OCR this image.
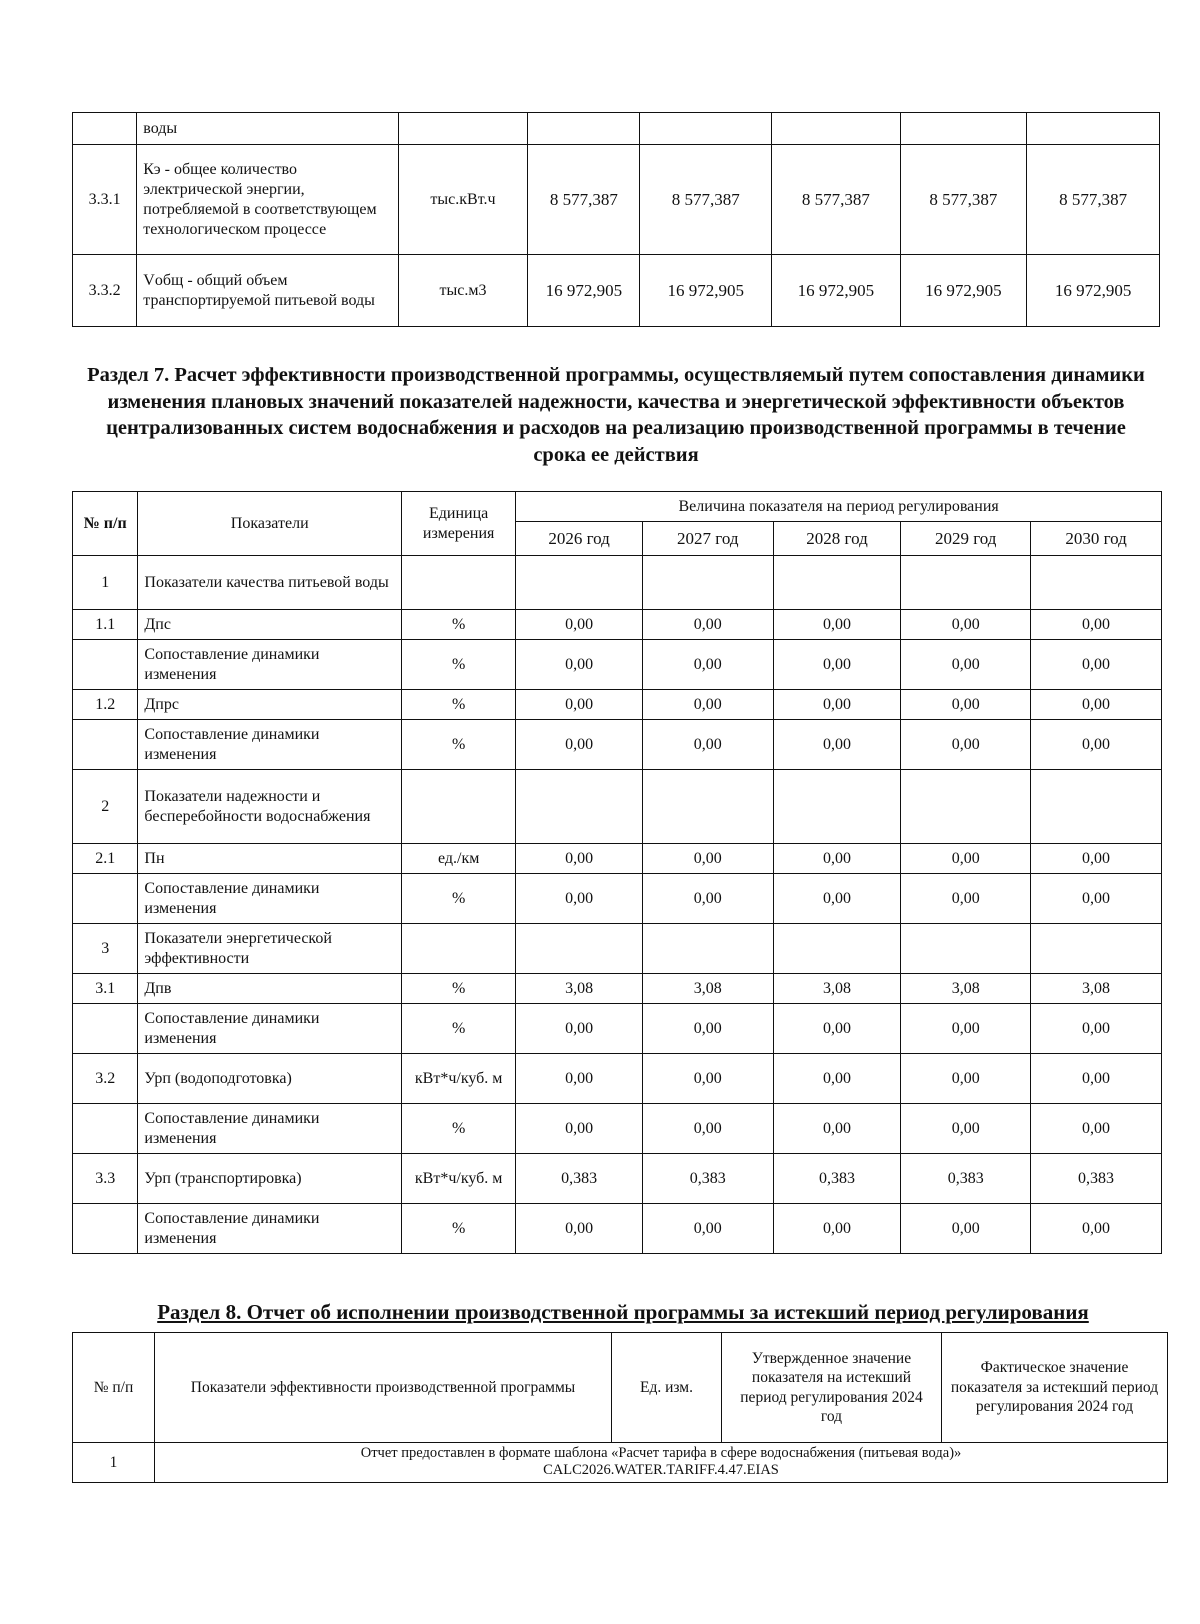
	воды						
3.3.1	Кэ - общее количество электрической энергии, потребляемой в соответствующем технологическом процессе	тыс.кВт.ч	8 577,387	8 577,387	8 577,387	8 577,387	8 577,387
3.3.2	Vобщ - общий объем транспортируемой питьевой воды	тыс.м3	16 972,905	16 972,905	16 972,905	16 972,905	16 972,905
Раздел 7. Расчет эффективности производственной программы, осуществляемый путем сопоставления динамики изменения плановых значений показателей надежности, качества и энергетической эффективности объектов централизованных систем водоснабжения и расходов на реализацию производственной программы в течение срока ее действия
№ п/п	Показатели	Единица измерения	Величина показателя на период регулирования				
			2026 год	2027 год	2028 год	2029 год	2030 год
1	Показатели качества питьевой воды						
1.1	Дпс	%	0,00	0,00	0,00	0,00	0,00
	Сопоставление динамики изменения	%	0,00	0,00	0,00	0,00	0,00
1.2	Дпрс	%	0,00	0,00	0,00	0,00	0,00
	Сопоставление динамики изменения	%	0,00	0,00	0,00	0,00	0,00
2	Показатели надежности и бесперебойности водоснабжения						
2.1	Пн	ед./км	0,00	0,00	0,00	0,00	0,00
	Сопоставление динамики изменения	%	0,00	0,00	0,00	0,00	0,00
3	Показатели энергетической эффективности						
3.1	Дпв	%	3,08	3,08	3,08	3,08	3,08
	Сопоставление динамики изменения	%	0,00	0,00	0,00	0,00	0,00
3.2	Урп (водоподготовка)	кВт*ч/куб. м	0,00	0,00	0,00	0,00	0,00
	Сопоставление динамики изменения	%	0,00	0,00	0,00	0,00	0,00
3.3	Урп (транспортировка)	кВт*ч/куб. м	0,383	0,383	0,383	0,383	0,383
	Сопоставление динамики изменения	%	0,00	0,00	0,00	0,00	0,00
Раздел 8. Отчет об исполнении производственной программы за истекший период регулирования
№ п/п	Показатели эффективности производственной программы	Ед. изм.	Утвержденное значение показателя на истекший период регулирования 2024 год	Фактическое значение показателя за истекший период регулирования 2024 год
1	Отчет предоставлен в формате шаблона «Расчет тарифа в сфере водоснабжения (питьевая вода)»
CALC2026.WATER.TARIFF.4.47.EIAS			
